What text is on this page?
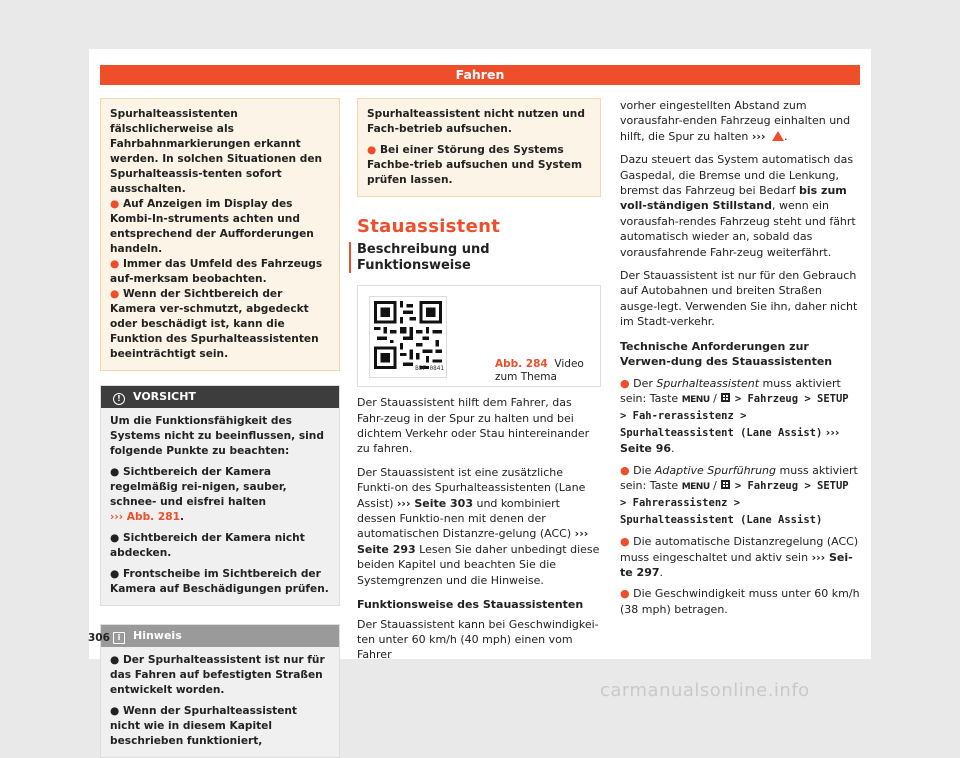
Fahren

Spurhalteassistenten fälschlicherweise als Fahrbahnmarkierungen erkannt werden. In solchen Situationen den Spurhalteassis-tenten sofort ausschalten.

● Auf Anzeigen im Display des Kombi-In-struments achten und entsprechend der Aufforderungen handeln.

● Immer das Umfeld des Fahrzeugs auf-merksam beobachten.

● Wenn der Sichtbereich der Kamera ver-schmutzt, abgedeckt oder beschädigt ist, kann die Funktion des Spurhalteassistenten beeinträchtigt sein.

! VORSICHT

Um die Funktionsfähigkeit des Systems nicht zu beeinflussen, sind folgende Punkte zu beachten:

● Sichtbereich der Kamera regelmäßig rei-nigen, sauber, schnee- und eisfrei halten
››› Abb. 281.

● Sichtbereich der Kamera nicht abdecken.

● Frontscheibe im Sichtbereich der Kamera auf Beschädigungen prüfen.

i Hinweis

● Der Spurhalteassistent ist nur für das Fahren auf befestigten Straßen entwickelt worden.

● Wenn der Spurhalteassistent nicht wie in diesem Kapitel beschrieben funktioniert,

Spurhalteassistent nicht nutzen und Fach-betrieb aufsuchen.

● Bei einer Störung des Systems Fachbe-trieb aufsuchen und System prüfen lassen.

Stauassistent
Beschreibung und Funktionsweise
B5F-0841	Abb. 284 Video zum Thema

Der Stauassistent hilft dem Fahrer, das Fahr-zeug in der Spur zu halten und bei dichtem Verkehr oder Stau hintereinander zu fahren.

Der Stauassistent ist eine zusätzliche Funkti-on des Spurhalteassistenten (Lane Assist) ››› Seite 303 und kombiniert dessen Funktio-nen mit denen der automatischen Distanzre-gelung (ACC) ››› Seite 293 Lesen Sie daher unbedingt diese beiden Kapitel und beachten Sie die Systemgrenzen und die Hinweise.

Funktionsweise des Stauassistenten

Der Stauassistent kann bei Geschwindigkei-ten unter 60 km/h (40 mph) einen vom Fahrer

vorher eingestellten Abstand zum vorausfahr-enden Fahrzeug einhalten und hilft, die Spur zu halten ››› .

Dazu steuert das System automatisch das Gaspedal, die Bremse und die Lenkung, bremst das Fahrzeug bei Bedarf bis zum voll-ständigen Stillstand, wenn ein vorausfah-rendes Fahrzeug steht und fährt automatisch wieder an, sobald das vorausfahrende Fahr-zeug weiterfährt.

Der Stauassistent ist nur für den Gebrauch auf Autobahnen und breiten Straßen ausge-legt. Verwenden Sie ihn, daher nicht im Stadt-verkehr.

Technische Anforderungen zur Verwen-dung des Stauassistenten

● Der Spurhalteassistent muss aktiviert sein: Taste MENU /  > Fahrzeug > SETUP > Fah-rerassistenz > Spurhalteassistent (Lane Assist) ››› Seite 96.

● Die Adaptive Spurführung muss aktiviert sein: Taste MENU /  > Fahrzeug > SETUP > Fahrerassistenz > Spurhalteassistent (Lane Assist)

● Die automatische Distanzregelung (ACC) muss eingeschaltet und aktiv sein ››› Sei-te 297.

● Die Geschwindigkeit muss unter 60 km/h (38 mph) betragen.

306
carmanualsonline.info
